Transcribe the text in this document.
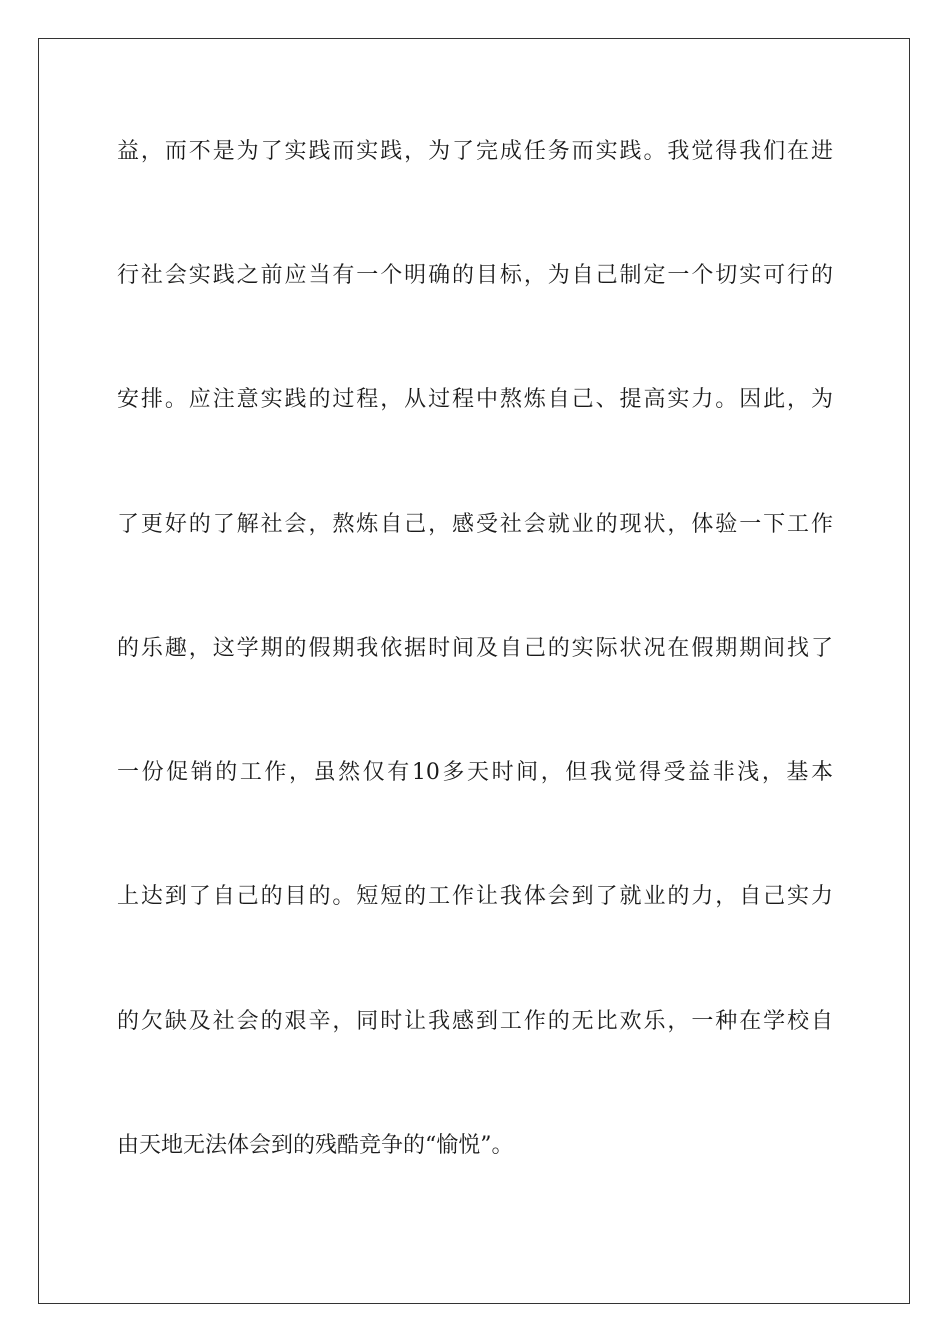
益，而不是为了实践而实践，为了完成任务而实践。我觉得我们在进
行社会实践之前应当有一个明确的目标，为自己制定一个切实可行的
安排。应注意实践的过程，从过程中熬炼自己、提高实力。因此，为
了更好的了解社会，熬炼自己，感受社会就业的现状，体验一下工作
的乐趣，这学期的假期我依据时间及自己的实际状况在假期期间找了
一份促销的工作，虽然仅有10多天时间，但我觉得受益非浅，基本
上达到了自己的目的。短短的工作让我体会到了就业的力，自己实力
的欠缺及社会的艰辛，同时让我感到工作的无比欢乐，一种在学校自
由天地无法体会到的残酷竞争的“愉悦”。
